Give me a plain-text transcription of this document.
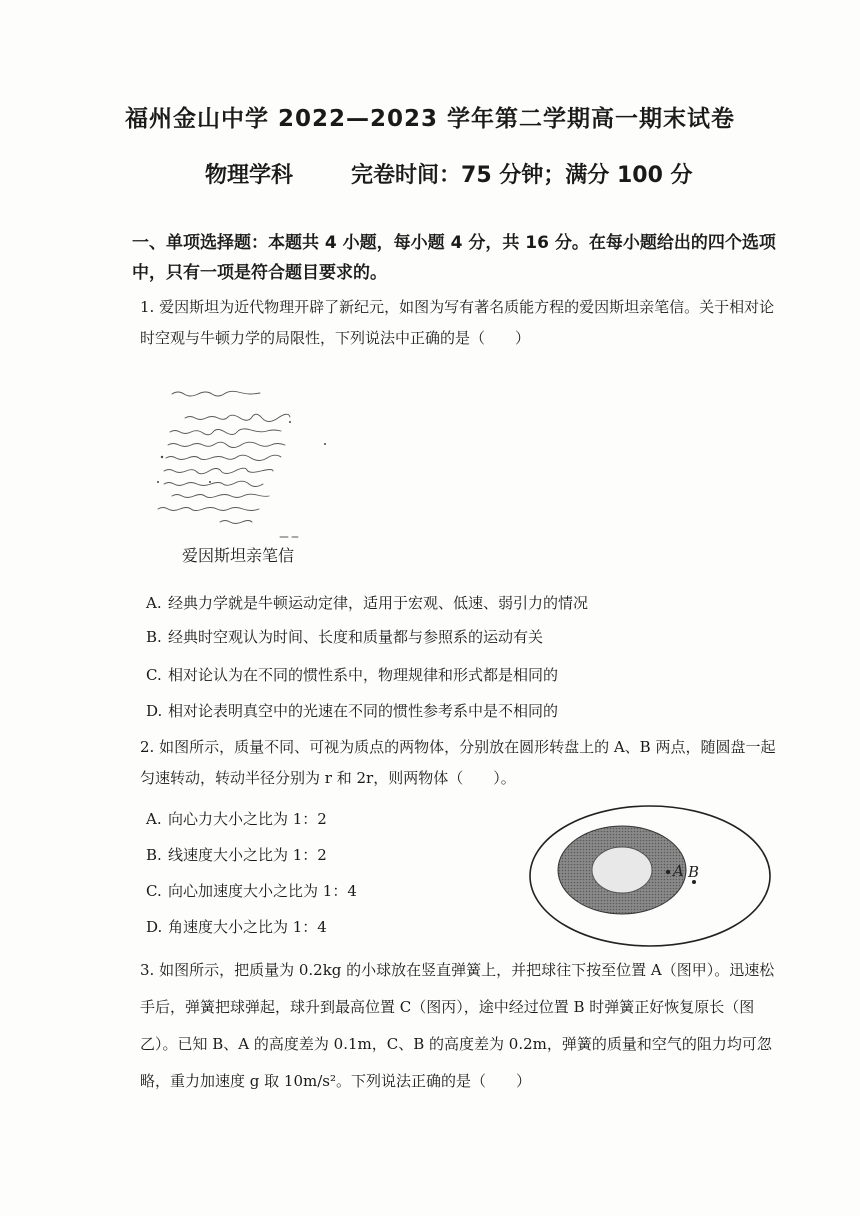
福州金山中学 2022—2023 学年第二学期高一期末试卷
物理学科	完卷时间：75 分钟；满分 100 分
一、单项选择题：本题共 4 小题，每小题 4 分，共 16 分。在每小题给出的四个选项中，只有一项是符合题目要求的。
1. 爱因斯坦为近代物理开辟了新纪元，如图为写有著名质能方程的爱因斯坦亲笔信。关于相对论时空观与牛顿力学的局限性，下列说法中正确的是（　　）
爱因斯坦亲笔信
A. 经典力学就是牛顿运动定律，适用于宏观、低速、弱引力的情况
B. 经典时空观认为时间、长度和质量都与参照系的运动有关
C. 相对论认为在不同的惯性系中，物理规律和形式都是相同的
D. 相对论表明真空中的光速在不同的惯性参考系中是不相同的
2. 如图所示，质量不同、可视为质点的两物体，分别放在圆形转盘上的 A、B 两点，随圆盘一起匀速转动，转动半径分别为 r 和 2r，则两物体（　　）。
A. 向心力大小之比为 1：2
B. 线速度大小之比为 1：2
C. 向心加速度大小之比为 1：4
D. 角速度大小之比为 1：4
A B
3. 如图所示，把质量为 0.2kg 的小球放在竖直弹簧上，并把球往下按至位置 A（图甲）。迅速松手后，弹簧把球弹起，球升到最高位置 C（图丙），途中经过位置 B 时弹簧正好恢复原长（图乙）。已知 B、A 的高度差为 0.1m，C、B 的高度差为 0.2m，弹簧的质量和空气的阻力均可忽略，重力加速度 g 取 10m/s²。下列说法正确的是（　　）
